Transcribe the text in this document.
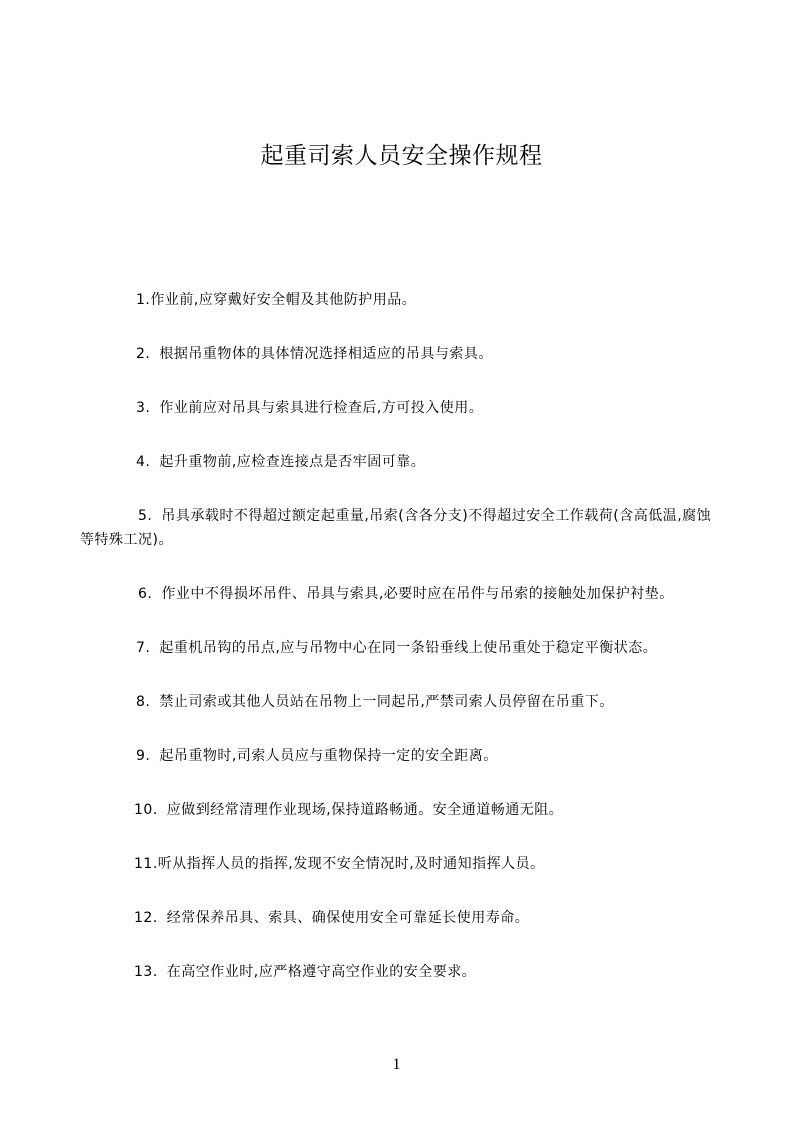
起重司索人员安全操作规程
1.作业前,应穿戴好安全帽及其他防护用品。
2. 根据吊重物体的具体情况选择相适应的吊具与索具。
3. 作业前应对吊具与索具进行检查后,方可投入使用。
4. 起升重物前,应检查连接点是否牢固可靠。
5. 吊具承载时不得超过额定起重量,吊索(含各分支)不得超过安全工作载荷(含高低温,腐蚀等特殊工况)。
6. 作业中不得损坏吊件、吊具与索具,必要时应在吊件与吊索的接触处加保护衬垫。
7. 起重机吊钩的吊点,应与吊物中心在同一条铅垂线上使吊重处于稳定平衡状态。
8. 禁止司索或其他人员站在吊物上一同起吊,严禁司索人员停留在吊重下。
9. 起吊重物时,司索人员应与重物保持一定的安全距离。
10. 应做到经常清理作业现场,保持道路畅通。安全通道畅通无阻。
11.听从指挥人员的指挥,发现不安全情况时,及时通知指挥人员。
12. 经常保养吊具、索具、确保使用安全可靠延长使用寿命。
13. 在高空作业时,应严格遵守高空作业的安全要求。
1
